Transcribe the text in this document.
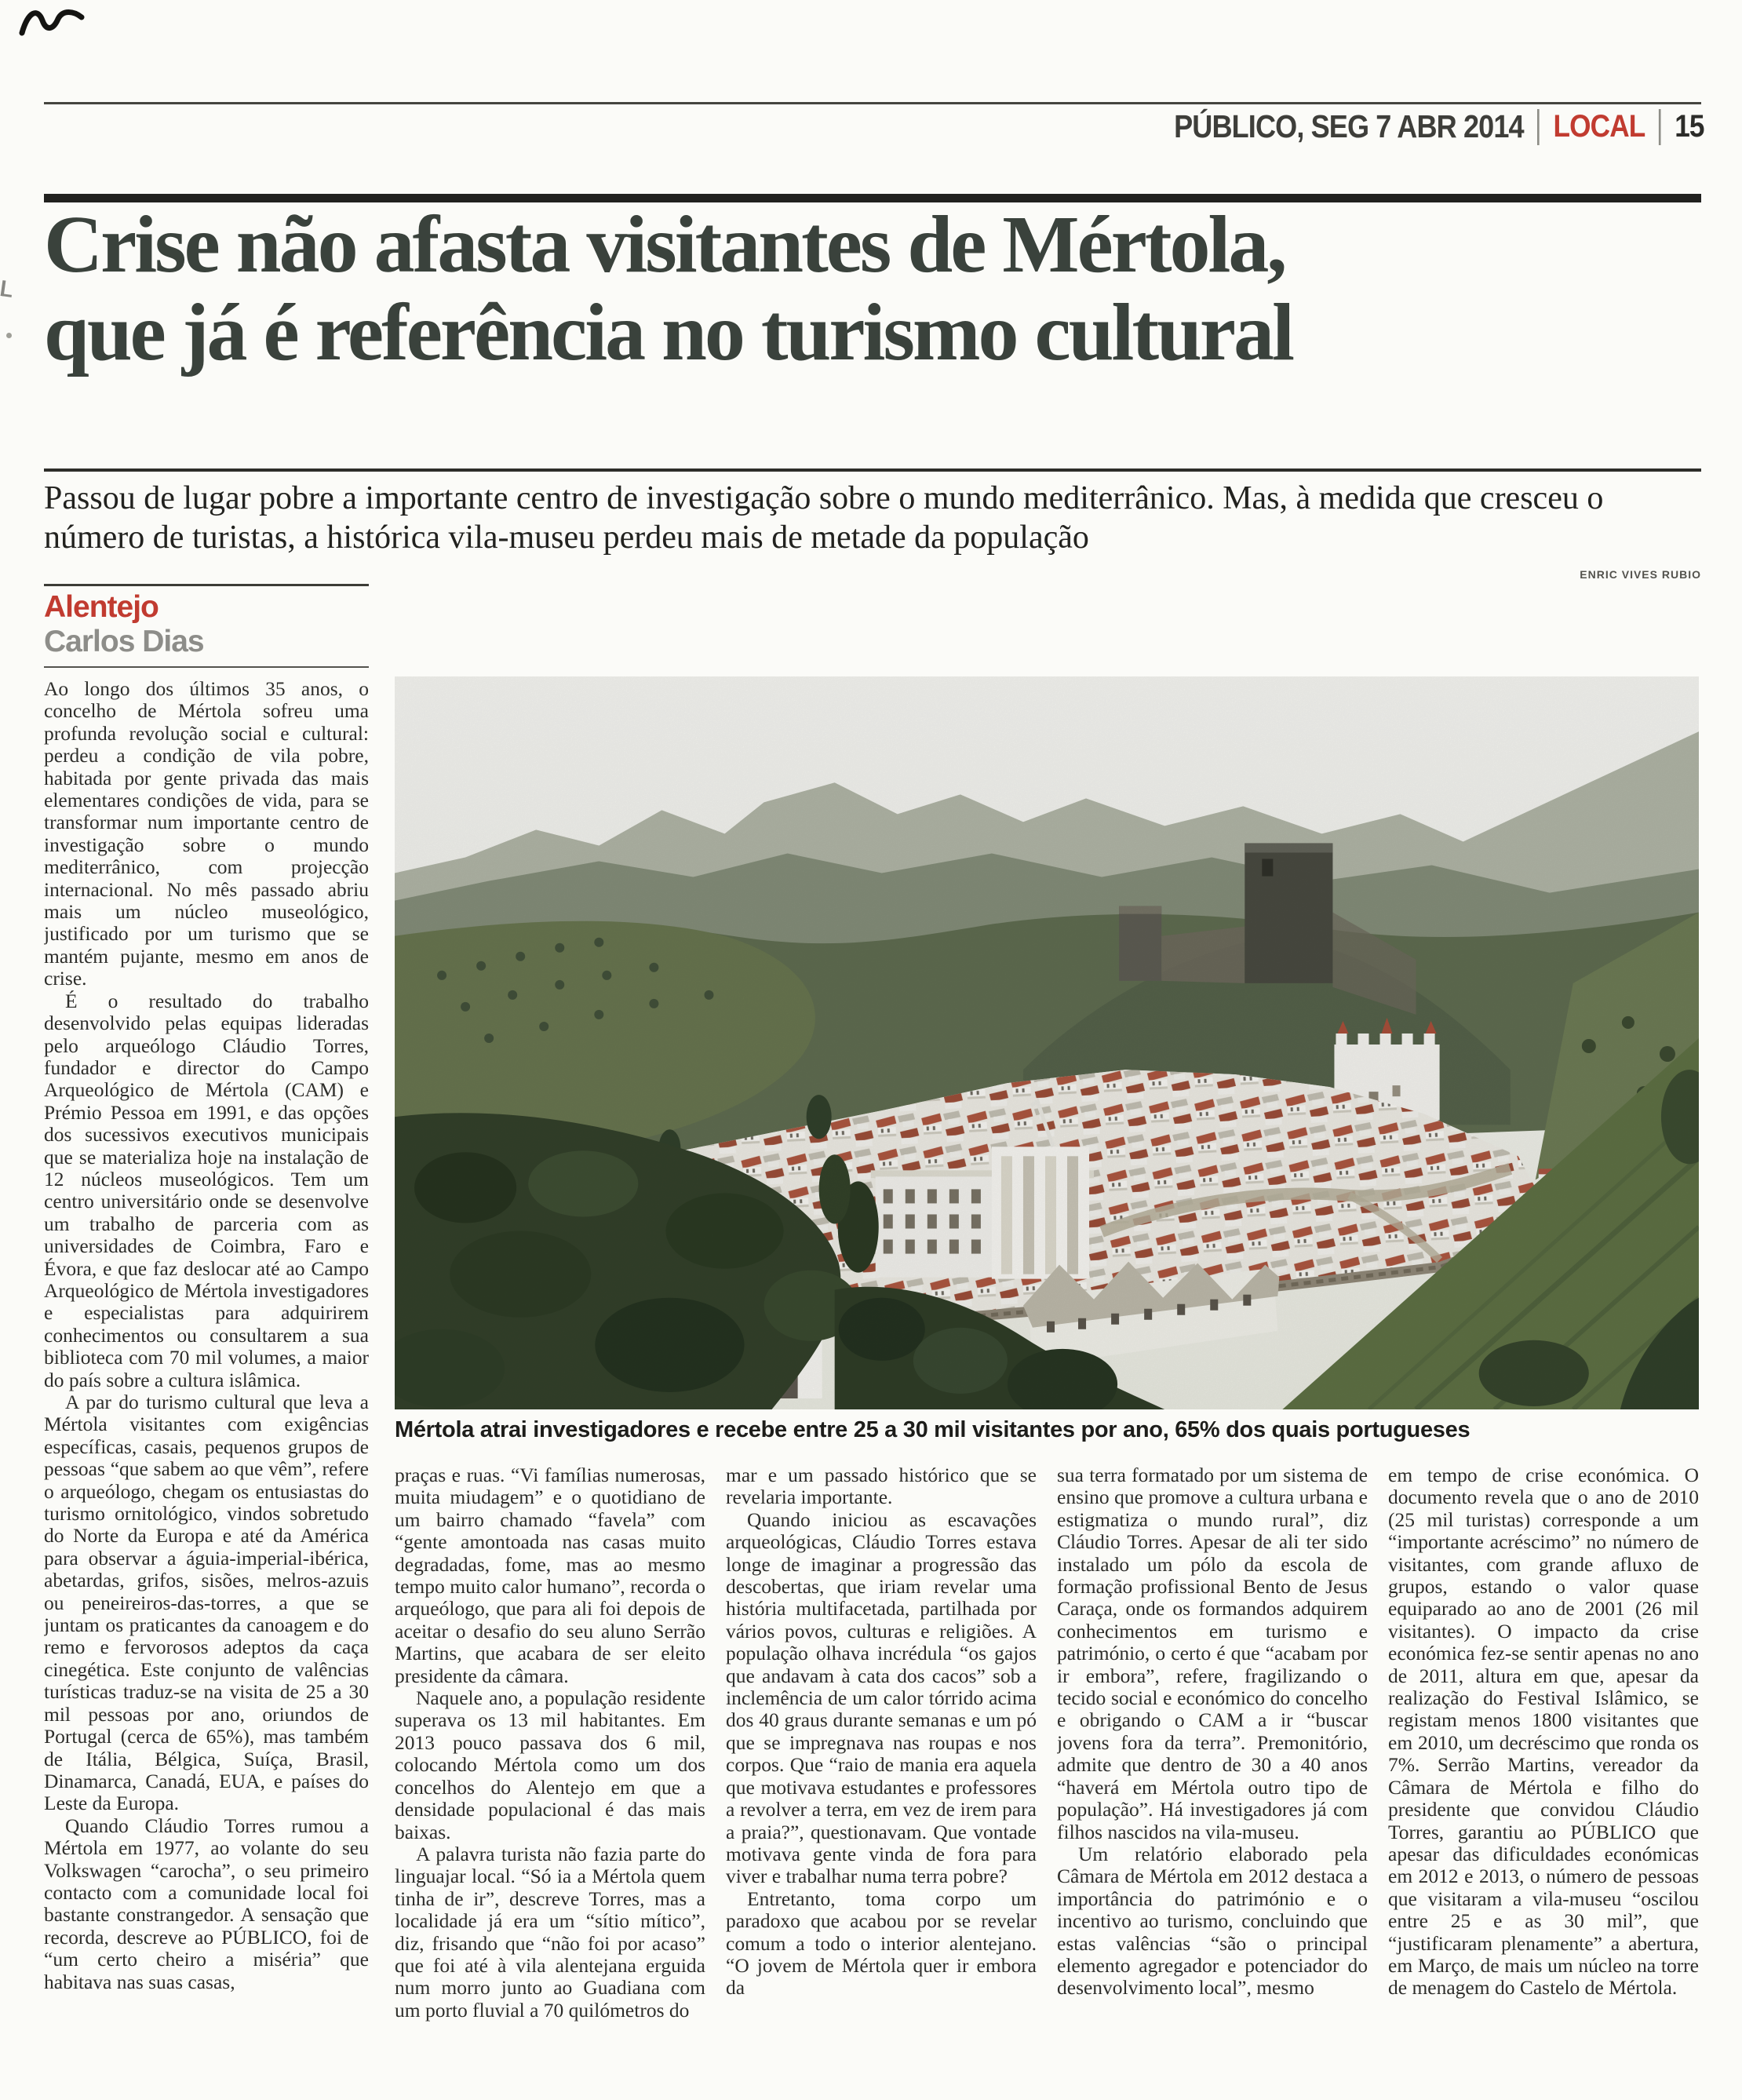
PÚBLICO, SEG 7 ABR 2014 LOCAL 15
Crise não afasta visitantes de Mértola,
que já é referência no turismo cultural

Passou de lugar pobre a importante centro de investigação sobre o mundo mediterrânico. Mas, à medida que cresceu o número de turistas, a histórica vila-museu perdeu mais de metade da população

ENRIC VIVES RUBIO
Alentejo
Carlos Dias

Ao longo dos últimos 35 anos, o concelho de Mértola sofreu uma profunda revolução social e cultural: perdeu a condição de vila pobre, habitada por gente privada das mais elementares condições de vida, para se transformar num importante centro de investigação sobre o mundo mediterrânico, com projecção internacional. No mês passado abriu mais um núcleo museológico, justificado por um turismo que se mantém pujante, mesmo em anos de crise.

É o resultado do trabalho desenvolvido pelas equipas lideradas pelo arqueólogo Cláudio Torres, fundador e director do Campo Arqueológico de Mértola (CAM) e Prémio Pessoa em 1991, e das opções dos sucessivos executivos municipais que se materializa hoje na instalação de 12 núcleos museológicos. Tem um centro universitário onde se desenvolve um trabalho de parceria com as universidades de Coimbra, Faro e Évora, e que faz deslocar até ao Campo Arqueológico de Mértola investigadores e especialistas para adquirirem conhecimentos ou consultarem a sua biblioteca com 70 mil volumes, a maior do país sobre a cultura islâmica.

A par do turismo cultural que leva a Mértola visitantes com exigências específicas, casais, pequenos grupos de pessoas “que sabem ao que vêm”, refere o arqueólogo, chegam os entusiastas do turismo ornitológico, vindos sobretudo do Norte da Europa e até da América para observar a águia-imperial-ibérica, abetardas, grifos, sisões, melros-azuis ou peneireiros-das-torres, a que se juntam os praticantes da canoagem e do remo e fervorosos adeptos da caça cinegética. Este conjunto de valências turísticas traduz-se na visita de 25 a 30 mil pessoas por ano, oriundos de Portugal (cerca de 65%), mas também de Itália, Bélgica, Suíça, Brasil, Dinamarca, Canadá, EUA, e países do Leste da Europa.

Quando Cláudio Torres rumou a Mértola em 1977, ao volante do seu Volkswagen “carocha”, o seu primeiro contacto com a comunidade local foi bastante constrangedor. A sensação que recorda, descreve ao PÚBLICO, foi de “um certo cheiro a miséria” que habitava nas suas casas,

Mértola atrai investigadores e recebe entre 25 a 30 mil visitantes por ano, 65% dos quais portugueses

praças e ruas. “Vi famílias numerosas, muita miudagem” e o quotidiano de um bairro chamado “favela” com “gente amontoada nas casas muito degradadas, fome, mas ao mesmo tempo muito calor humano”, recorda o arqueólogo, que para ali foi depois de aceitar o desafio do seu aluno Serrão Martins, que acabara de ser eleito presidente da câmara.

Naquele ano, a população residente superava os 13 mil habitantes. Em 2013 pouco passava dos 6 mil, colocando Mértola como um dos concelhos do Alentejo em que a densidade populacional é das mais baixas.

A palavra turista não fazia parte do linguajar local. “Só ia a Mértola quem tinha de ir”, descreve Torres, mas a localidade já era um “sítio mítico”, diz, frisando que “não foi por acaso” que foi até à vila alentejana erguida num morro junto ao Guadiana com um porto fluvial a 70 quilómetros do

mar e um passado histórico que se revelaria importante.

Quando iniciou as escavações arqueológicas, Cláudio Torres estava longe de imaginar a progressão das descobertas, que iriam revelar uma história multifacetada, partilhada por vários povos, culturas e religiões. A população olhava incrédula “os gajos que andavam à cata dos cacos” sob a inclemência de um calor tórrido acima dos 40 graus durante semanas e um pó que se impregnava nas roupas e nos corpos. Que “raio de mania era aquela que motivava estudantes e professores a revolver a terra, em vez de irem para a praia?”, questionavam. Que vontade motivava gente vinda de fora para viver e trabalhar numa terra pobre?

Entretanto, toma corpo um paradoxo que acabou por se revelar comum a todo o interior alentejano. “O jovem de Mértola quer ir embora da

sua terra formatado por um sistema de ensino que promove a cultura urbana e estigmatiza o mundo rural”, diz Cláudio Torres. Apesar de ali ter sido instalado um pólo da escola de formação profissional Bento de Jesus Caraça, onde os formandos adquirem conhecimentos em turismo e património, o certo é que “acabam por ir embora”, refere, fragilizando o tecido social e económico do concelho e obrigando o CAM a ir “buscar jovens fora da terra”. Premonitório, admite que dentro de 30 a 40 anos “haverá em Mértola outro tipo de população”. Há investigadores já com filhos nascidos na vila-museu.

Um relatório elaborado pela Câmara de Mértola em 2012 destaca a importância do património e o incentivo ao turismo, concluindo que estas valências “são o principal elemento agregador e potenciador do desenvolvimento local”, mesmo

em tempo de crise económica. O documento revela que o ano de 2010 (25 mil turistas) corresponde a um “importante acréscimo” no número de visitantes, com grande afluxo de grupos, estando o valor quase equiparado ao ano de 2001 (26 mil visitantes). O impacto da crise económica fez-se sentir apenas no ano de 2011, altura em que, apesar da realização do Festival Islâmico, se registam menos 1800 visitantes que em 2010, um decréscimo que ronda os 7%. Serrão Martins, vereador da Câmara de Mértola e filho do presidente que convidou Cláudio Torres, garantiu ao PÚBLICO que apesar das dificuldades económicas em 2012 e 2013, o número de pessoas que visitaram a vila-museu “oscilou entre 25 e as 30 mil”, que “justificaram plenamente” a abertura, em Março, de mais um núcleo na torre de menagem do Castelo de Mértola.
